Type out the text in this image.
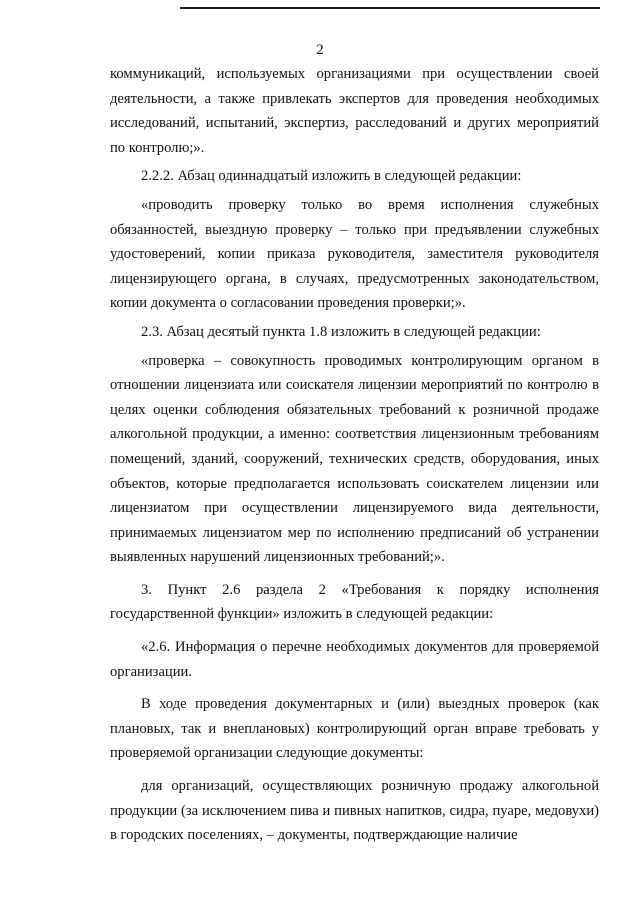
2

коммуникаций, используемых организациями при осуществлении своей деятельности, а также привлекать экспертов для проведения необходимых исследований, испытаний, экспертиз, расследований и других мероприятий по контролю;».

2.2.2. Абзац одиннадцатый изложить в следующей редакции:

«проводить проверку только во время исполнения служебных обязанностей, выездную проверку – только при предъявлении служебных удостоверений, копии приказа руководителя, заместителя руководителя лицензирующего органа, в случаях, предусмотренных законодательством, копии документа о согласовании проведения проверки;».

2.3. Абзац десятый пункта 1.8 изложить в следующей редакции:

«проверка – совокупность проводимых контролирующим органом в отношении лицензиата или соискателя лицензии мероприятий по контролю в целях оценки соблюдения обязательных требований к розничной продаже алкогольной продукции, а именно: соответствия лицензионным требованиям помещений, зданий, сооружений, технических средств, оборудования, иных объектов, которые предполагается использовать соискателем лицензии или лицензиатом при осуществлении лицензируемого вида деятельности, принимаемых лицензиатом мер по исполнению предписаний об устранении выявленных нарушений лицензионных требований;».

3. Пункт 2.6 раздела 2 «Требования к порядку исполнения государственной функции» изложить в следующей редакции:

«2.6. Информация о перечне необходимых документов для проверяемой организации.

В ходе проведения документарных и (или) выездных проверок (как плановых, так и внеплановых) контролирующий орган вправе требовать у проверяемой организации следующие документы:

для организаций, осуществляющих розничную продажу алкогольной продукции (за исключением пива и пивных напитков, сидра, пуаре, медовухи) в городских поселениях, – документы, подтверждающие наличие
